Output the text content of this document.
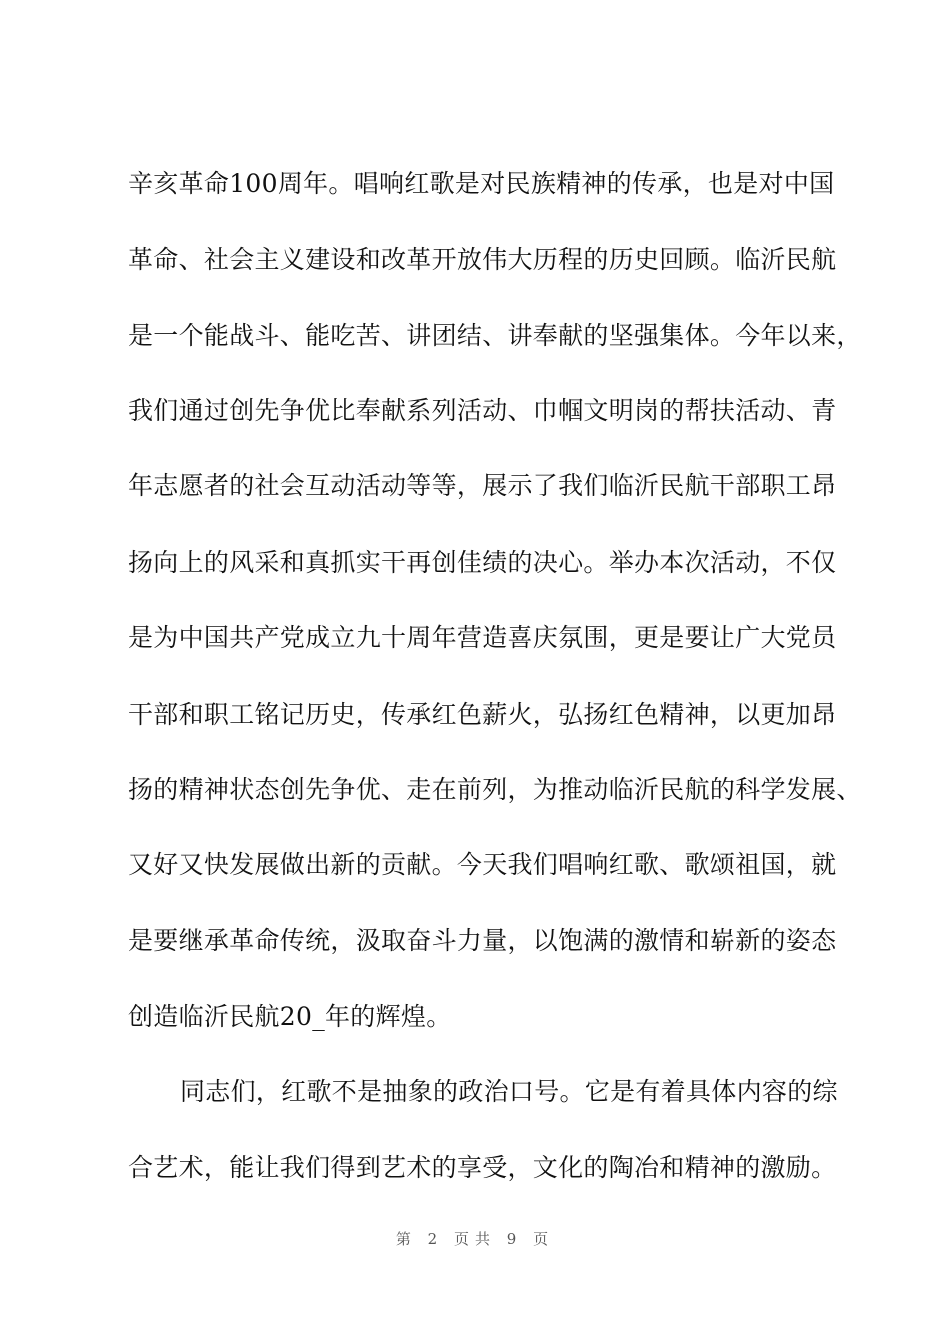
辛亥革命100周年。唱响红歌是对民族精神的传承，也是对中国
革命、社会主义建设和改革开放伟大历程的历史回顾。临沂民航
是一个能战斗、能吃苦、讲团结、讲奉献的坚强集体。今年以来，
我们通过创先争优比奉献系列活动、巾帼文明岗的帮扶活动、青
年志愿者的社会互动活动等等，展示了我们临沂民航干部职工昂
扬向上的风采和真抓实干再创佳绩的决心。举办本次活动，不仅
是为中国共产党成立九十周年营造喜庆氛围，更是要让广大党员
干部和职工铭记历史，传承红色薪火，弘扬红色精神，以更加昂
扬的精神状态创先争优、走在前列，为推动临沂民航的科学发展、
又好又快发展做出新的贡献。今天我们唱响红歌、歌颂祖国，就
是要继承革命传统，汲取奋斗力量，以饱满的激情和崭新的姿态
创造临沂民航20_年的辉煌。
同志们，红歌不是抽象的政治口号。它是有着具体内容的综
合艺术，能让我们得到艺术的享受，文化的陶冶和精神的激励。
第 2 页共 9 页
